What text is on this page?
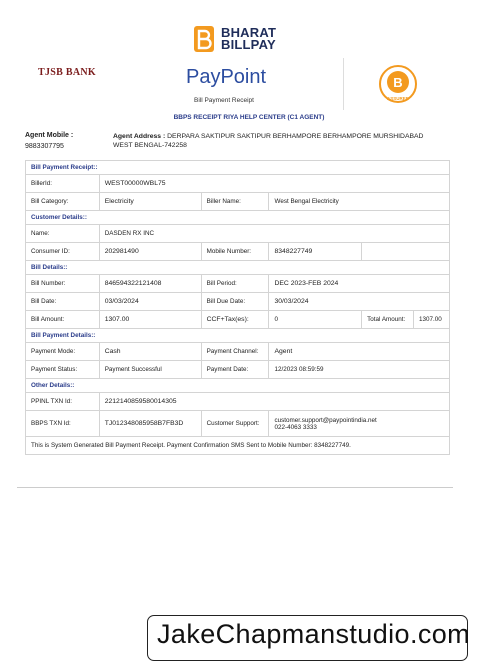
BHARAT
BILLPAY
TJSB BANK	PayPoint
Bill Payment Receipt
B
ASSURED
BBPS RECEIPT RIYA HELP CENTER (C1 AGENT)
Agent Mobile :
9883307795
Agent Address : DERPARA SAKTIPUR SAKTIPUR BERHAMPORE BERHAMPORE MURSHIDABAD WEST BENGAL-742258
Bill Payment Receipt::					
BillerId:	WEST00000WBL75				
Bill Category:	Electricity	Biller Name:	West Bengal Electricity		
Customer Details::					
Name:	DASDEN RX INC				
Consumer ID:	202981490	Mobile Number:	8348227749		
Bill Details::					
Bill Number:	846594322121408	Bill Period:	DEC 2023-FEB 2024		
Bill Date:	03/03/2024	Bill Due Date:	30/03/2024		
Bill Amount:	1307.00	CCF+Tax(es):	0	Total Amount:	1307.00
Bill Payment Details::					
Payment Mode:	Cash	Payment Channel:	Agent		
Payment Status:	Payment Successful	Payment Date:	12/2023 08:59:59		
Other Details::					
PPINL TXN Id:	2212140859580014305				
BBPS TXN Id:	TJ012348085958B7FB3D	Customer Support:	customer.support@paypointindia.net
022-4063 3333		

This is System Generated Bill Payment Receipt. Payment Confirmation SMS Sent to Mobile Number: 8348227749.					
JakeChapmanstudio.com
